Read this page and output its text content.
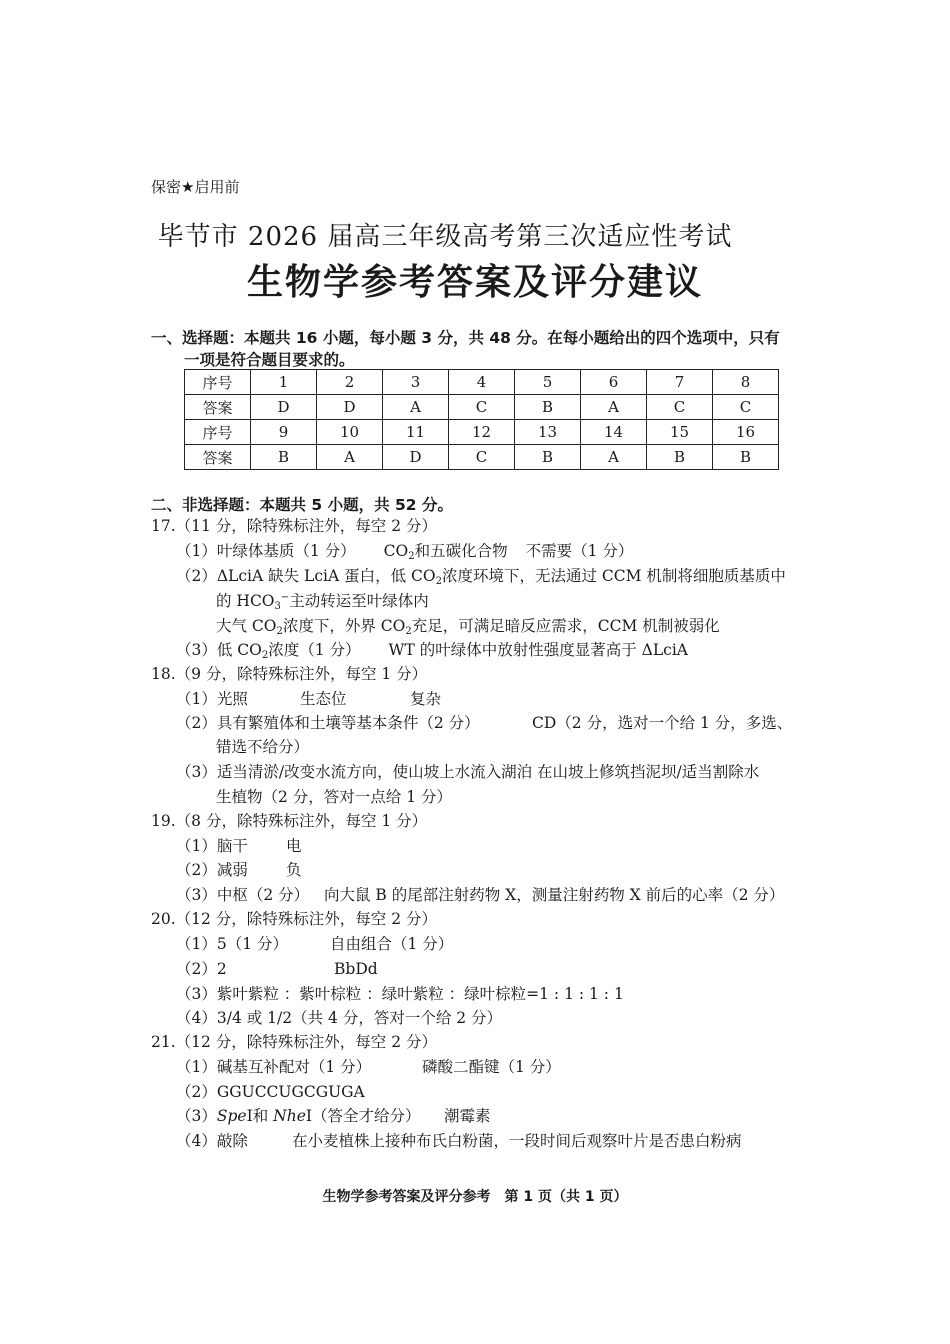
保密★启用前
毕节市 2026 届高三年级高考第三次适应性考试
生物学参考答案及评分建议
一、选择题：本题共 16 小题，每小题 3 分，共 48 分。在每小题给出的四个选项中，只有
一项是符合题目要求的。
序号	1	2	3	4	5	6	7	8
答案	D	D	A	C	B	A	C	C
序号	9	10	11	12	13	14	15	16
答案	B	A	D	C	B	A	B	B
二、非选择题：本题共 5 小题，共 52 分。
17.（11 分，除特殊标注外，每空 2 分）
（1）叶绿体基质（1 分） $CO_2$和五碳化合物 不需要（1 分）
（2）ΔLciA 缺失 LciA 蛋白，低 $CO_2$浓度环境下，无法通过 CCM 机制将细胞质基质中
的 $HCO_3^-$主动转运至叶绿体内
大气 $CO_2$浓度下，外界 $CO_2$充足，可满足暗反应需求，CCM 机制被弱化
（3）低 $CO_2$浓度（1 分） WT 的叶绿体中放射性强度显著高于 ΔLciA
18.（9 分，除特殊标注外，每空 1 分）
（1）光照	生态位	复杂
（2）具有繁殖体和土壤等基本条件（2 分）	CD（2 分，选对一个给 1 分，多选、
错选不给分）
（3）适当清淤/改变水流方向，使山坡上水流入湖泊 在山坡上修筑挡泥坝/适当割除水
生植物（2 分，答对一点给 1 分）
19.（8 分，除特殊标注外，每空 1 分）
（1）脑干 电
（2）减弱 负
（3）中枢（2 分） 向大鼠 B 的尾部注射药物 X，测量注射药物 X 前后的心率（2 分）
20.（12 分，除特殊标注外，每空 2 分）
（1）5（1 分）	自由组合（1 分）
（2）2	BbDd
（3）紫叶紫粒 ：紫叶棕粒 ：绿叶紫粒 ：绿叶棕粒=1 : 1 : 1 : 1
（4）3/4 或 1/2（共 4 分，答对一个给 2 分）
21.（12 分，除特殊标注外，每空 2 分）
（1）碱基互补配对（1 分）	磷酸二酯键（1 分）
（2）GGUCCUGCGUGA
（3）SpeI和 NheI（答全才给分） 潮霉素
（4）敲除	在小麦植株上接种布氏白粉菌，一段时间后观察叶片是否患白粉病
生物学参考答案及评分参考　第 1 页（共 1 页）
